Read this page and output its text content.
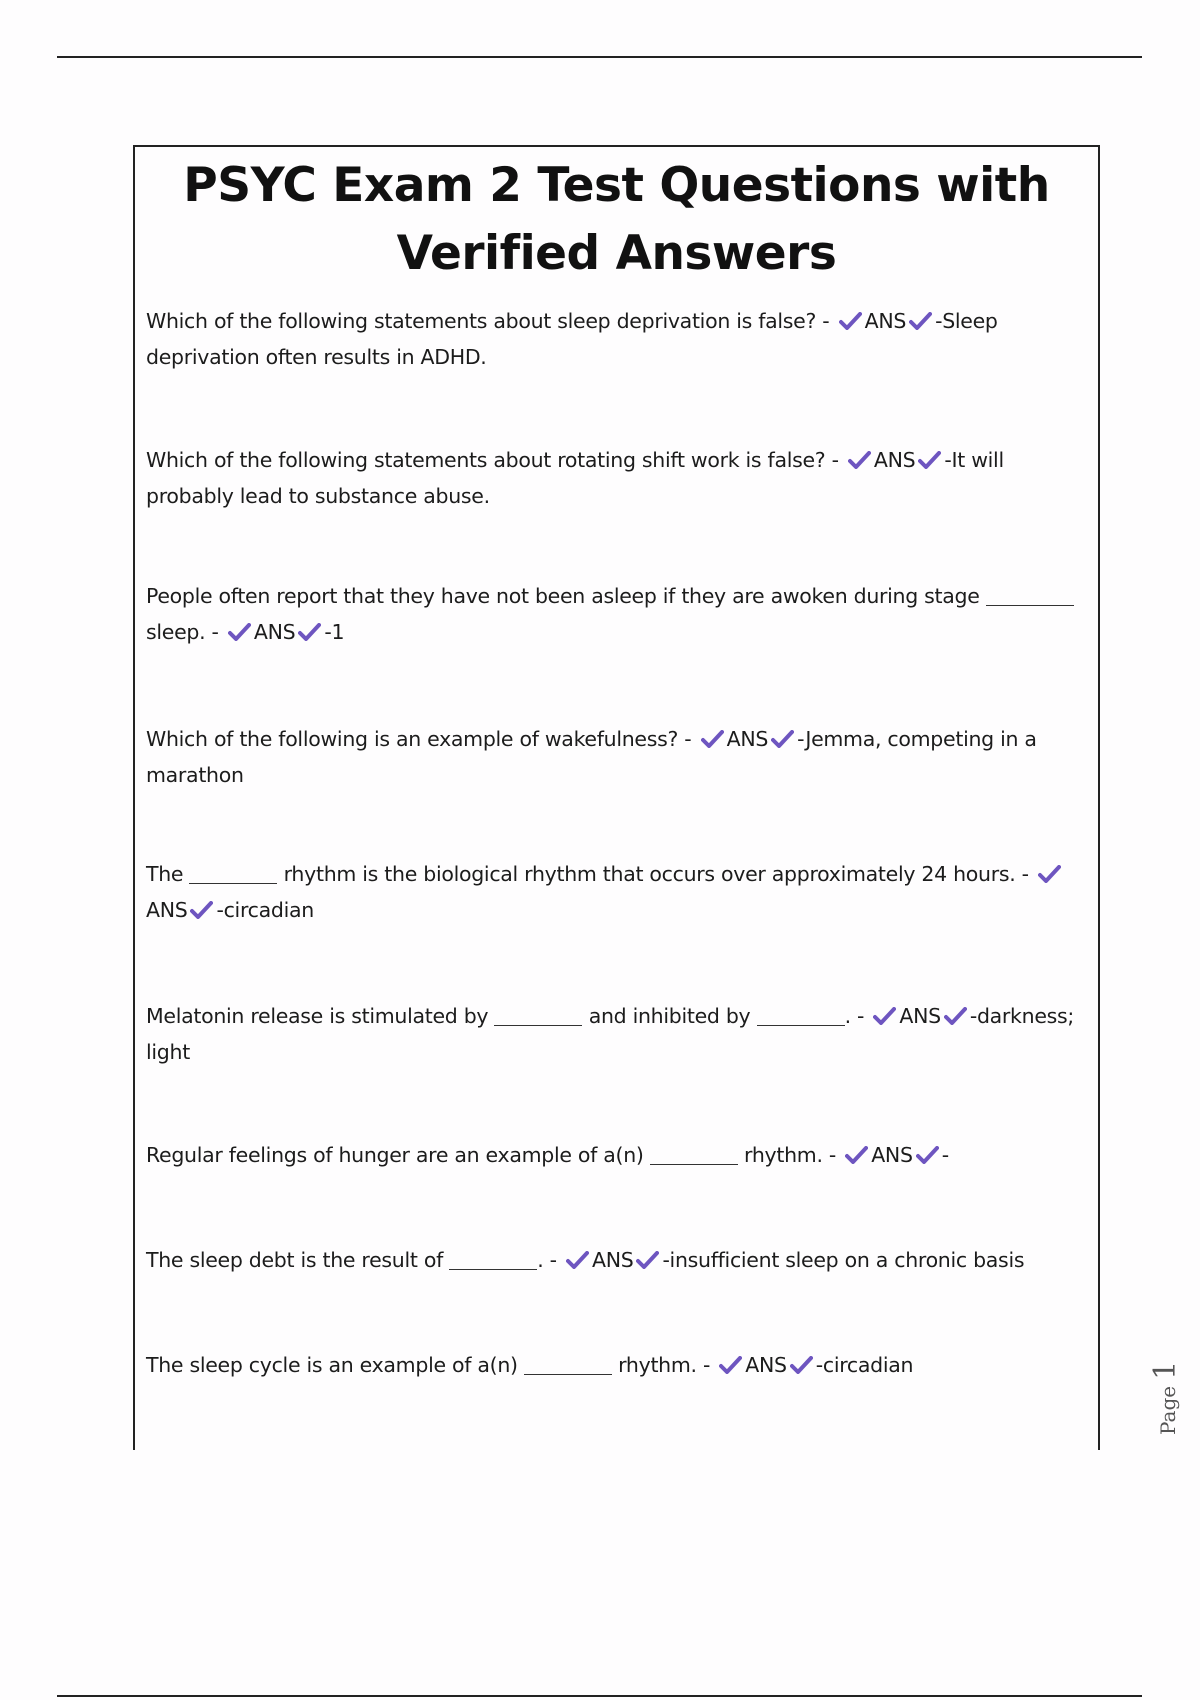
PSYC Exam 2 Test Questions with Verified Answers
Which of the following statements about sleep deprivation is false? -
ANS -Sleep deprivation often results in ADHD.
Which of the following statements about rotating shift work is false? -
ANS -It will probably lead to substance abuse.
People often report that they have not been asleep if they are awoken during stage  sleep. -
ANS -1
Which of the following is an example of wakefulness? -
ANS -Jemma, competing in a marathon
The	rhythm is the biological rhythm that occurs over approximately 24 hours. -
ANS -circadian
Melatonin release is stimulated by	and inhibited by	. -
ANS -darkness; light
Regular feelings of hunger are an example of a(n)	rhythm. -
ANS -
The sleep debt is the result of	. -
ANS -insufficient sleep on a chronic basis
The sleep cycle is an example of a(n)	rhythm. -
ANS -circadian
Page
1
